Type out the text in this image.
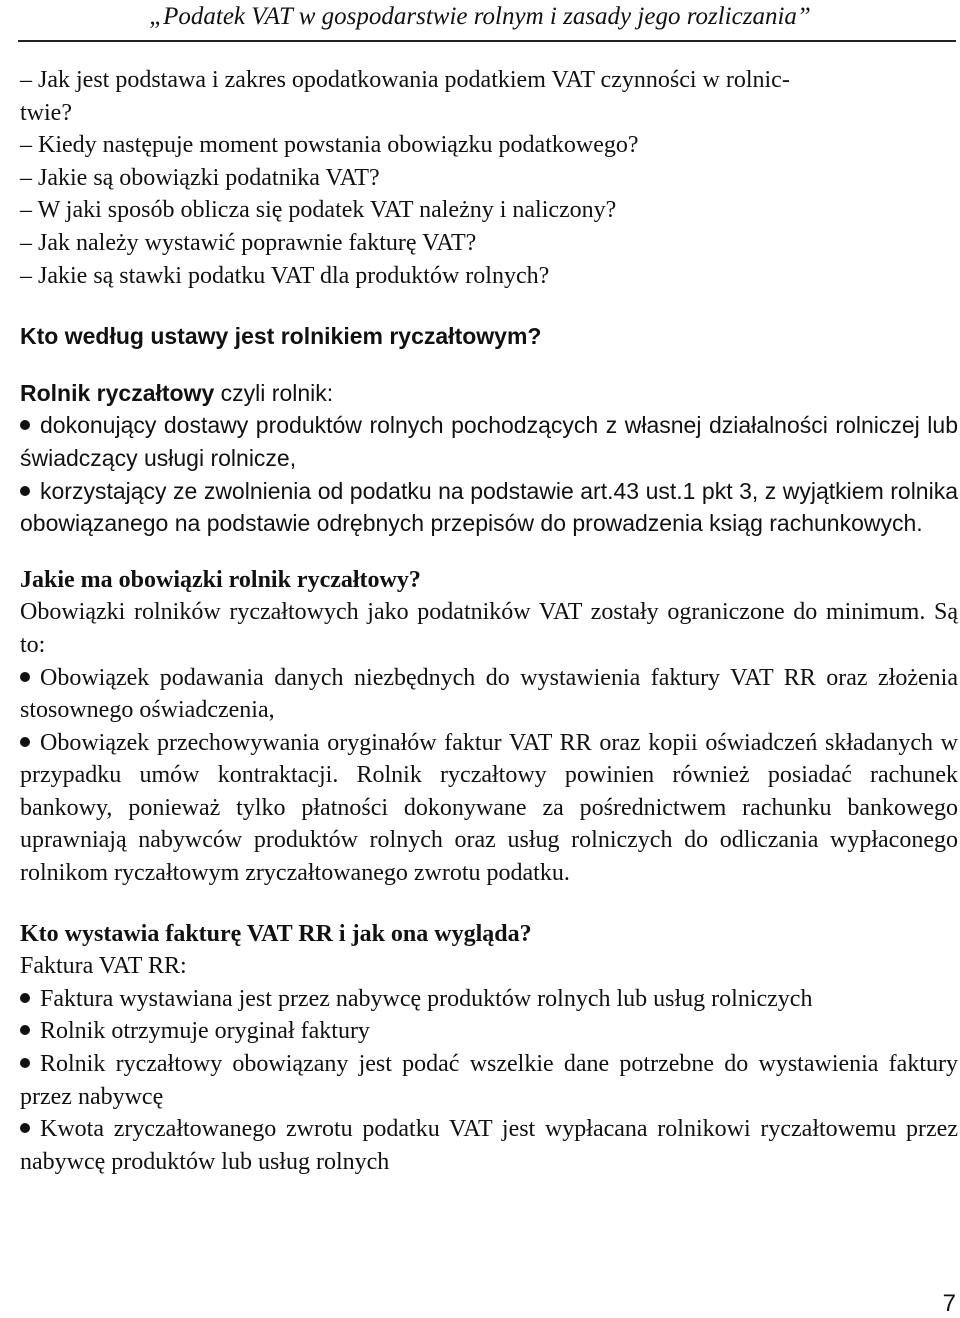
„Podatek VAT w gospodarstwie rolnym i zasady jego rozliczania”
– Jak jest podstawa i zakres opodatkowania podatkiem VAT czynności w rolnic-
twie?
– Kiedy następuje moment powstania obowiązku podatkowego?
– Jakie są obowiązki podatnika VAT?
– W jaki sposób oblicza się podatek VAT należny i naliczony?
– Jak należy wystawić poprawnie fakturę VAT?
– Jakie są stawki podatku VAT dla produktów rolnych?
Kto według ustawy jest rolnikiem ryczałtowym?
Rolnik ryczałtowy czyli rolnik:
dokonujący dostawy produktów rolnych pochodzących z własnej działalności rolniczej lub świadczący usługi rolnicze,
korzystający ze zwolnienia od podatku na podstawie art.43 ust.1 pkt 3, z wyjątkiem rolnika obowiązanego na podstawie odrębnych przepisów do prowadzenia ksiąg rachunkowych.
Jakie ma obowiązki rolnik ryczałtowy?
Obowiązki rolników ryczałtowych jako podatników VAT zostały ograniczone do minimum. Są to:
Obowiązek podawania danych niezbędnych do wystawienia faktury VAT RR oraz złożenia stosownego oświadczenia,
Obowiązek przechowywania oryginałów faktur VAT RR oraz kopii oświadczeń składanych w przypadku umów kontraktacji. Rolnik ryczałtowy powinien również posiadać rachunek bankowy, ponieważ tylko płatności dokonywane za pośrednictwem rachunku bankowego uprawniają nabywców produktów rolnych oraz usług rolniczych do odliczania wypłaconego rolnikom ryczałtowym zryczałtowanego zwrotu podatku.
Kto wystawia fakturę VAT RR i jak ona wygląda?
Faktura VAT RR:
Faktura wystawiana jest przez nabywcę produktów rolnych lub usług rolniczych
Rolnik otrzymuje oryginał faktury
Rolnik ryczałtowy obowiązany jest podać wszelkie dane potrzebne do wystawienia faktury przez nabywcę
Kwota zryczałtowanego zwrotu podatku VAT jest wypłacana rolnikowi ryczałtowemu przez nabywcę produktów lub usług rolnych
7
